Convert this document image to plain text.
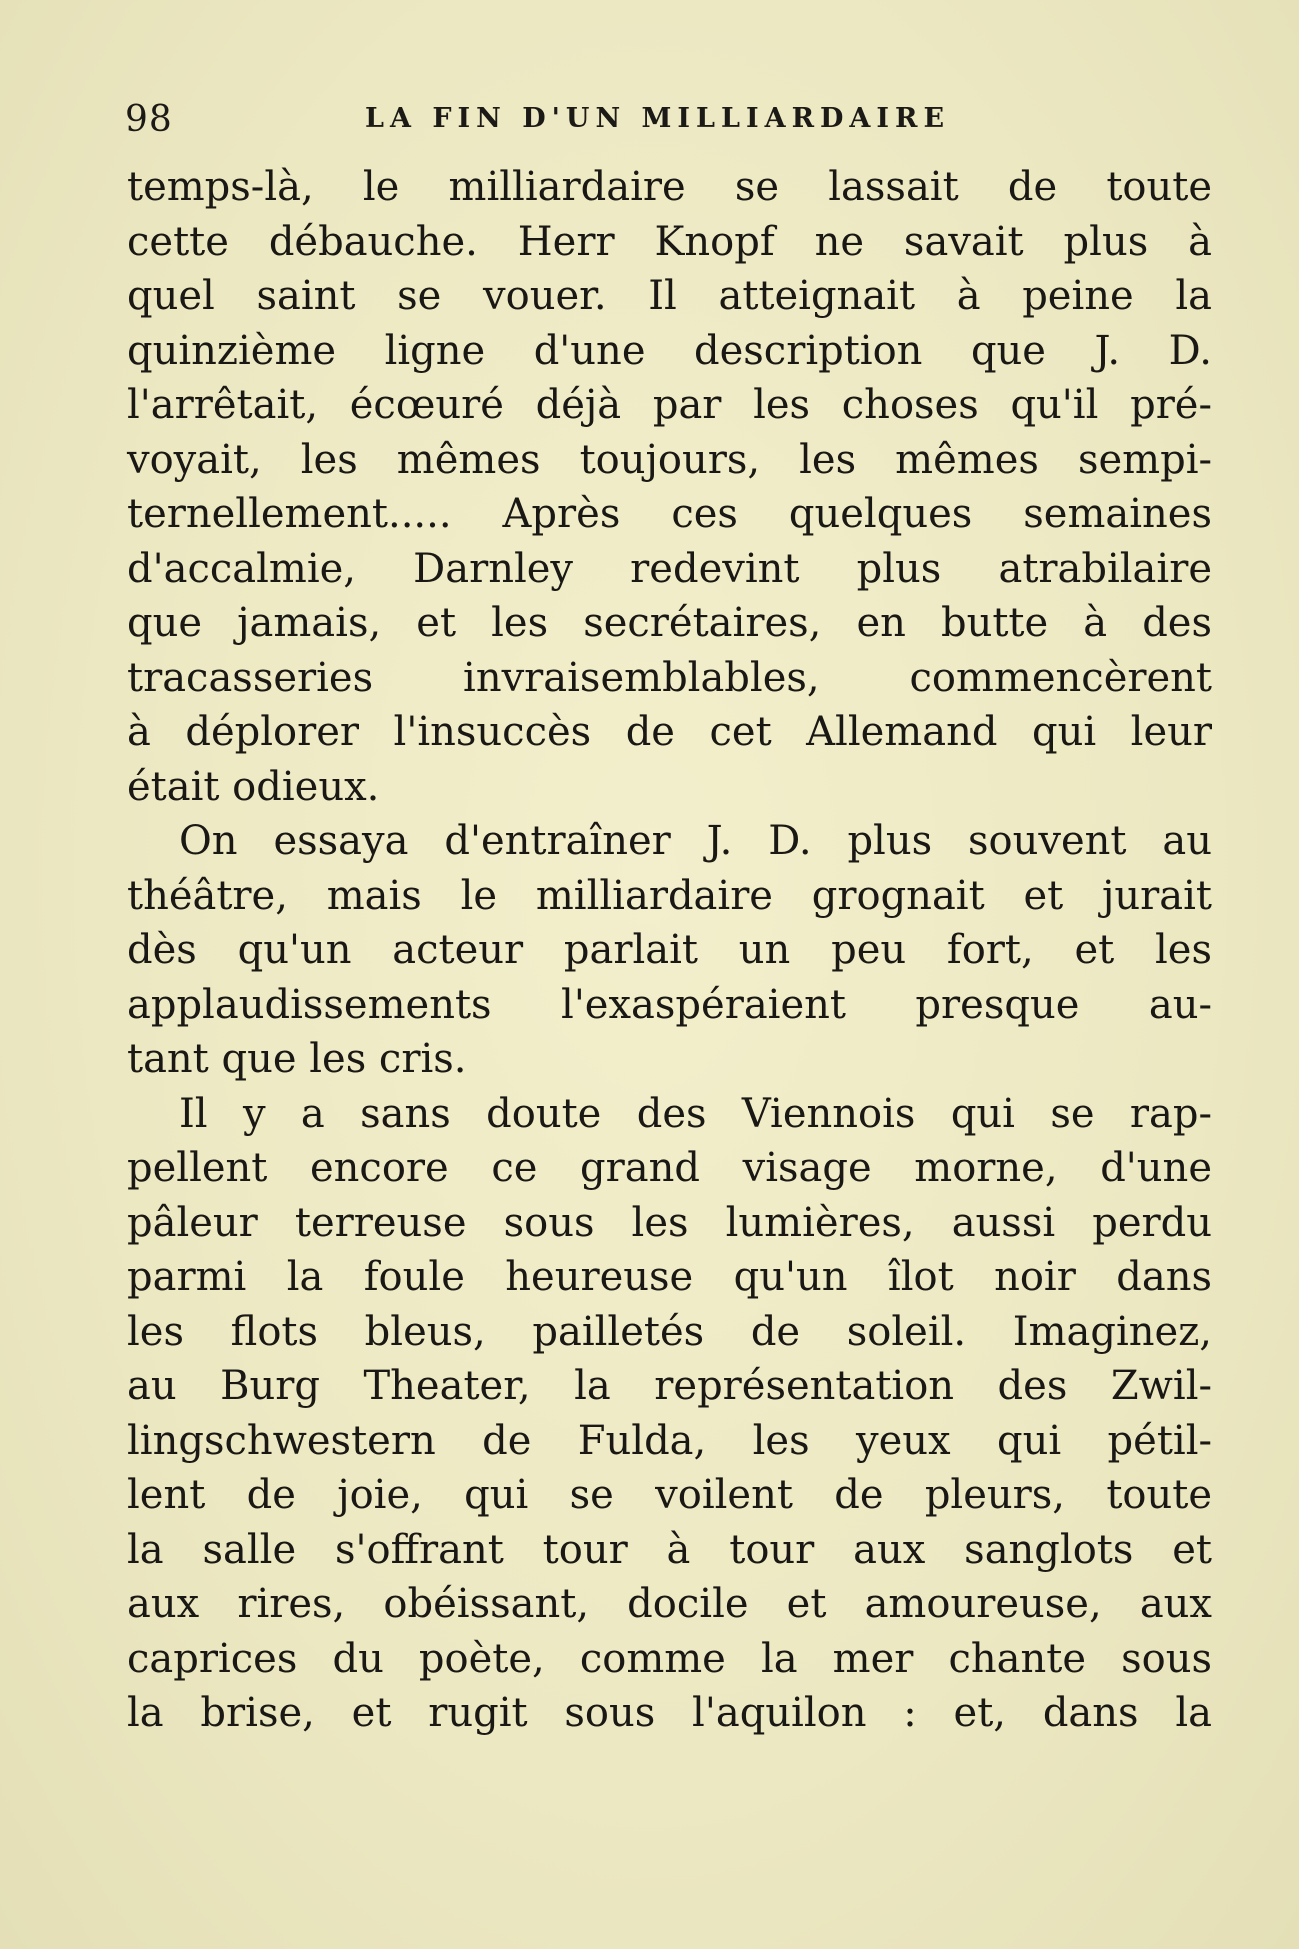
98	LA FIN D'UN MILLIARDAIRE
temps-là, le milliardaire se lassait de toute
cette débauche. Herr Knopf ne savait plus à
quel saint se vouer. Il atteignait à peine la
quinzième ligne d'une description que J. D.
l'arrêtait, écœuré déjà par les choses qu'il pré-
voyait, les mêmes toujours, les mêmes sempi-
ternellement..... Après ces quelques semaines
d'accalmie, Darnley redevint plus atrabilaire
que jamais, et les secrétaires, en butte à des
tracasseries invraisemblables, commencèrent
à déplorer l'insuccès de cet Allemand qui leur
était odieux.
On essaya d'entraîner J. D. plus souvent au
théâtre, mais le milliardaire grognait et jurait
dès qu'un acteur parlait un peu fort, et les
applaudissements l'exaspéraient presque au-
tant que les cris.
Il y a sans doute des Viennois qui se rap-
pellent encore ce grand visage morne, d'une
pâleur terreuse sous les lumières, aussi perdu
parmi la foule heureuse qu'un îlot noir dans
les flots bleus, pailletés de soleil. Imaginez,
au Burg Theater, la représentation des Zwil-
lingschwestern de Fulda, les yeux qui pétil-
lent de joie, qui se voilent de pleurs, toute
la salle s'offrant tour à tour aux sanglots et
aux rires, obéissant, docile et amoureuse, aux
caprices du poète, comme la mer chante sous
la brise, et rugit sous l'aquilon : et, dans la
